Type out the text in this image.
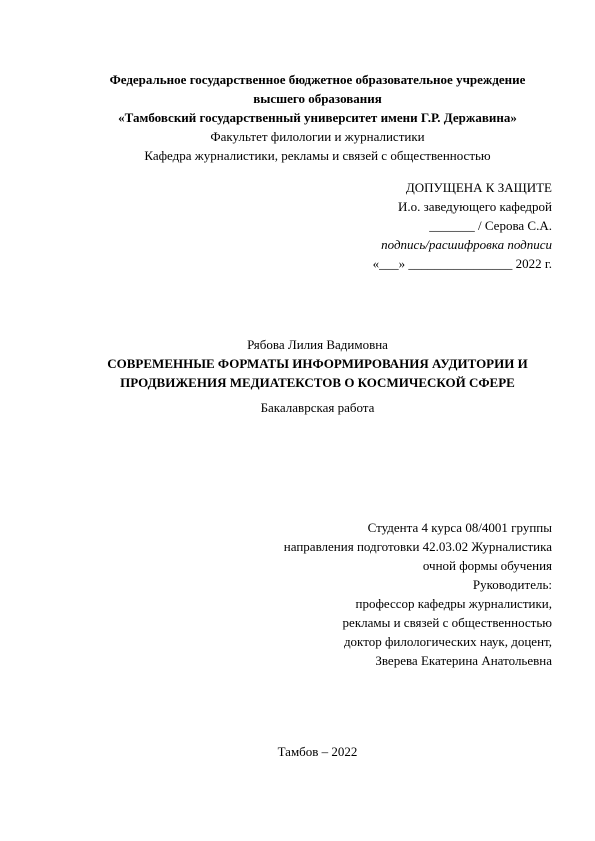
Федеральное государственное бюджетное образовательное учреждение
высшего образования
«Тамбовский государственный университет имени Г.Р. Державина»
Факультет филологии и журналистики
Кафедра журналистики, рекламы и связей с общественностью
ДОПУЩЕНА К ЗАЩИТЕ
И.о. заведующего кафедрой
_______ / Серова С.А.
подпись/расшифровка подписи
«___» ________________ 2022 г.
Рябова Лилия Вадимовна
СОВРЕМЕННЫЕ ФОРМАТЫ ИНФОРМИРОВАНИЯ АУДИТОРИИ И
ПРОДВИЖЕНИЯ МЕДИАТЕКСТОВ О КОСМИЧЕСКОЙ СФЕРЕ
Бакалаврская работа
Студента 4 курса 08/4001 группы
направления подготовки 42.03.02 Журналистика
очной формы обучения
Руководитель:
профессор кафедры журналистики,
рекламы и связей с общественностью
доктор филологических наук, доцент,
Зверева Екатерина Анатольевна
Тамбов – 2022
